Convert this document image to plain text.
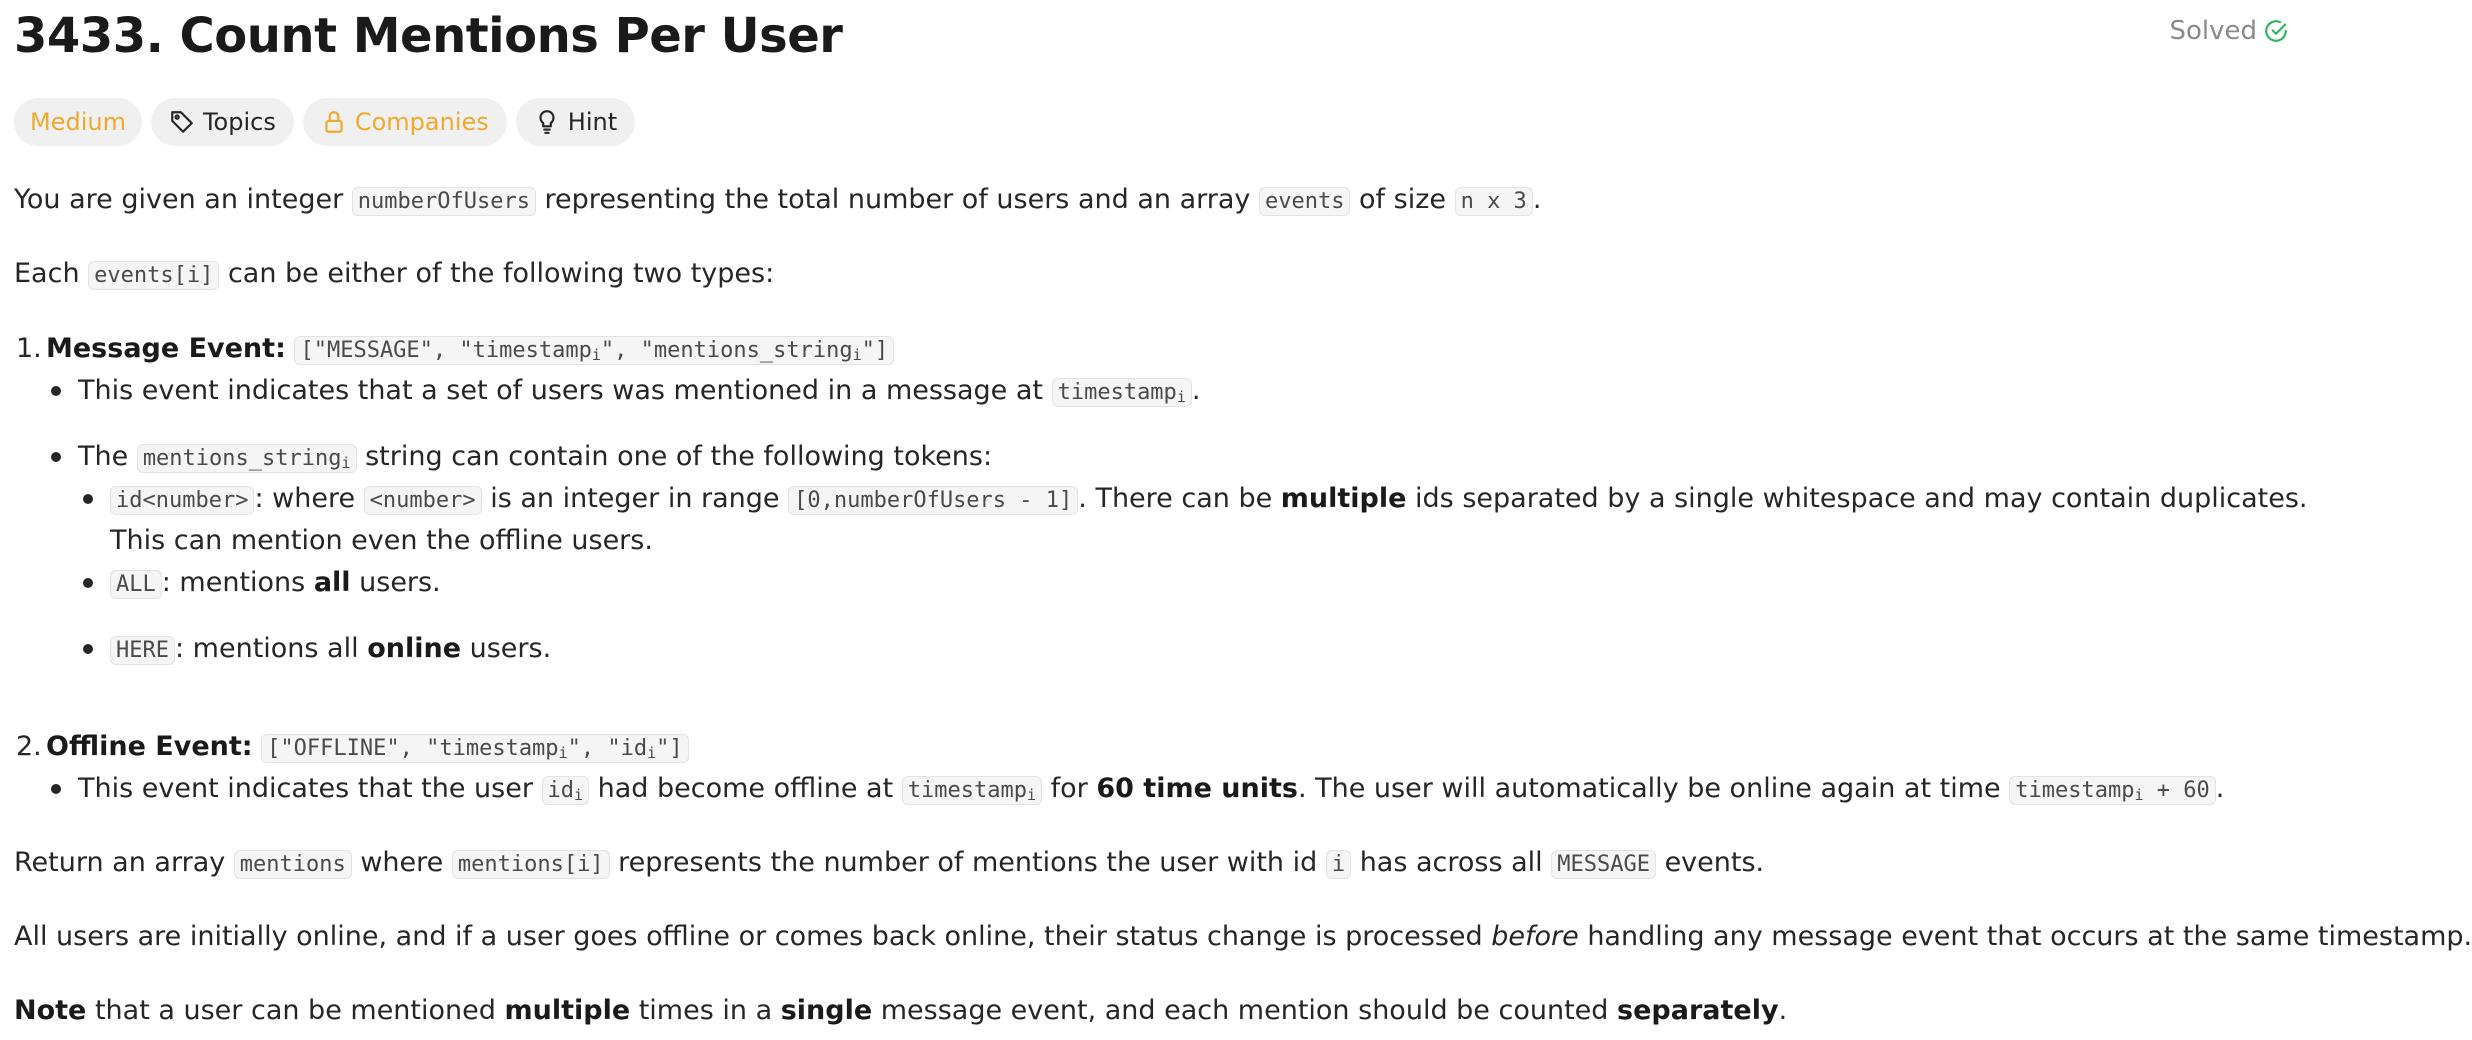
3433. Count Mentions Per User	Solved
Medium	Topics	Companies	Hint

You are given an integer numberOfUsers representing the total number of users and an array events of size n x 3 .

Each events[i] can be either of the following two types:

1. Message Event: ["MESSAGE", "timestamp$_i$", "mentions_string$_i$"]

This event indicates that a set of users was mentioned in a message at timestamp$_i$ .

The mentions_string$_i$ string can contain one of the following tokens:

id<number> : where <number> is an integer in range [0,numberOfUsers - 1] . There can be multiple ids separated by a single whitespace and may contain duplicates.

This can mention even the offline users.

ALL : mentions all users.

HERE : mentions all online users.

2. Offline Event: ["OFFLINE", "timestamp$_i$", "$id_i$"]

This event indicates that the user $id_i$ had become offline at timestamp$_i$ for 60 time units. The user will automatically be online again at time timestamp$_i$ + 60 .

Return an array mentions where mentions[i] represents the number of mentions the user with id i has across all MESSAGE events.

All users are initially online, and if a user goes offline or comes back online, their status change is processed before handling any message event that occurs at the same timestamp.

Note that a user can be mentioned multiple times in a single message event, and each mention should be counted separately.
